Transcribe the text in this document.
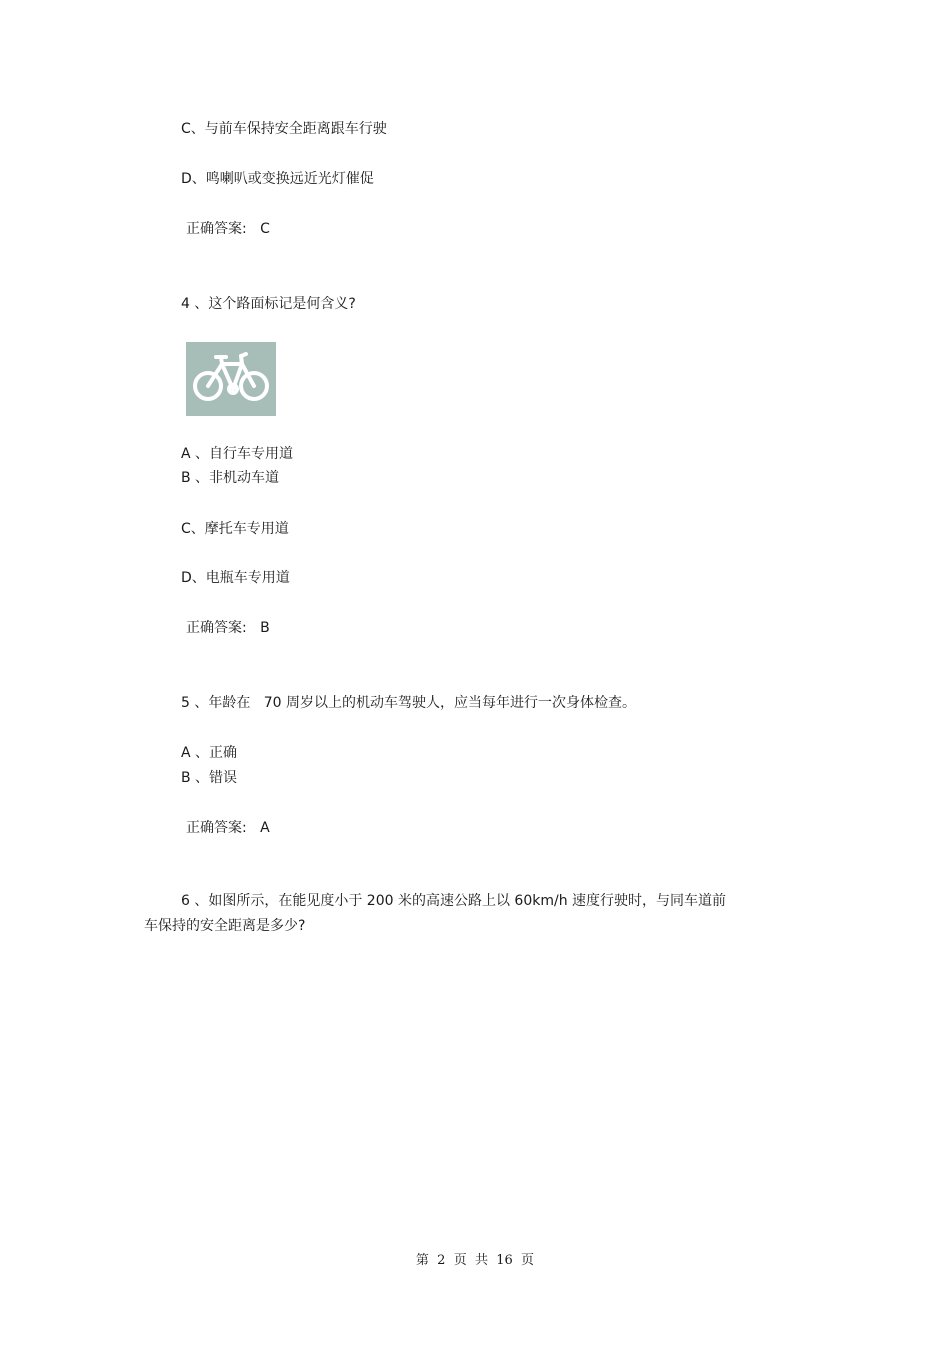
C、与前车保持安全距离跟车行驶
D、鸣喇叭或变换远近光灯催促
正确答案:   C
4 、这个路面标记是何含义?
A 、自行车专用道
B 、非机动车道
C、摩托车专用道
D、电瓶车专用道
正确答案:   B
5 、年龄在   70 周岁以上的机动车驾驶人，应当每年进行一次身体检查。
A 、正确
B 、错误
正确答案:   A
6 、如图所示，在能见度小于 200 米的高速公路上以 60km/h 速度行驶时，与同车道前
车保持的安全距离是多少?
第  2  页  共  16  页
